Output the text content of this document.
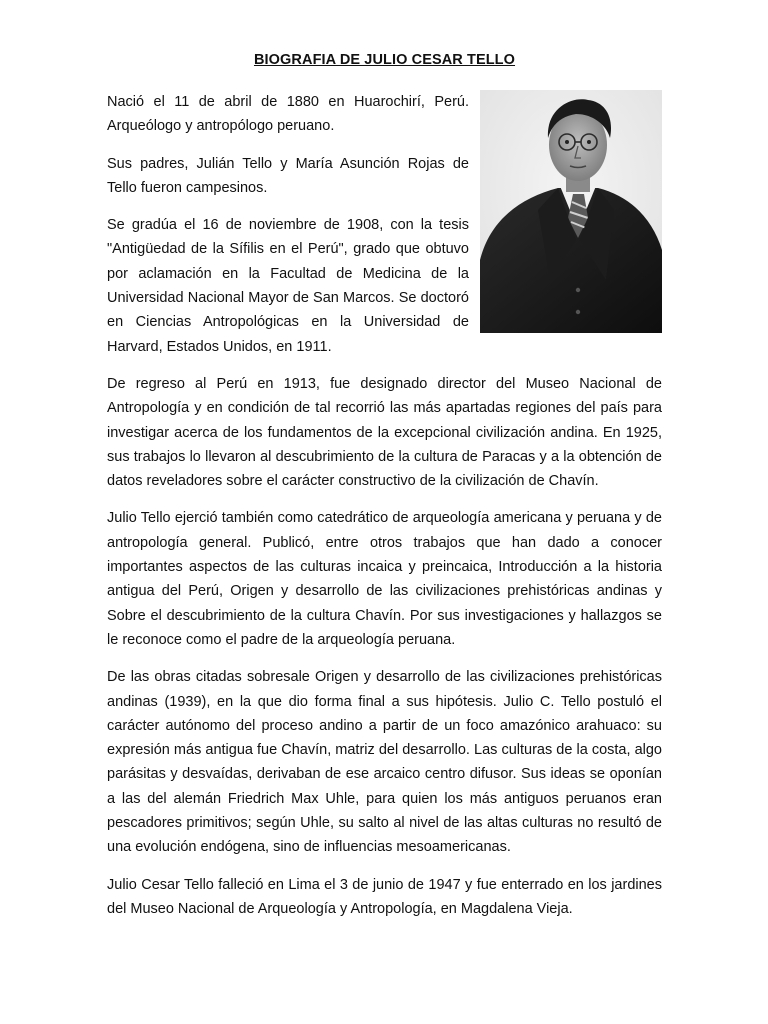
BIOGRAFIA DE JULIO CESAR TELLO

Nació el 11 de abril de 1880 en Huarochirí, Perú. Arqueólogo y antropólogo peruano.

Sus padres, Julián Tello y María Asunción Rojas de Tello fueron campesinos.

Se gradúa el 16 de noviembre de 1908, con la tesis "Antigüedad de la Sífilis en el Perú", grado que obtuvo por aclamación en la Facultad de Medicina de la Universidad Nacional Mayor de San Marcos. Se doctoró en Ciencias Antropológicas en la Universidad de Harvard, Estados Unidos, en 1911.

De regreso al Perú en 1913, fue designado director del Museo Nacional de Antropología y en condición de tal recorrió las más apartadas regiones del país para investigar acerca de los fundamentos de la excepcional civilización andina. En 1925, sus trabajos lo llevaron al descubrimiento de la cultura de Paracas y a la obtención de datos reveladores sobre el carácter constructivo de la civilización de Chavín.

Julio Tello ejerció también como catedrático de arqueología americana y peruana y de antropología general. Publicó, entre otros trabajos que han dado a conocer importantes aspectos de las culturas incaica y preincaica, Introducción a la historia antigua del Perú, Origen y desarrollo de las civilizaciones prehistóricas andinas y Sobre el descubrimiento de la cultura Chavín. Por sus investigaciones y hallazgos se le reconoce como el padre de la arqueología peruana.

De las obras citadas sobresale Origen y desarrollo de las civilizaciones prehistóricas andinas (1939), en la que dio forma final a sus hipótesis. Julio C. Tello postuló el carácter autónomo del proceso andino a partir de un foco amazónico arahuaco: su expresión más antigua fue Chavín, matriz del desarrollo. Las culturas de la costa, algo parásitas y desvaídas, derivaban de ese arcaico centro difusor. Sus ideas se oponían a las del alemán Friedrich Max Uhle, para quien los más antiguos peruanos eran pescadores primitivos; según Uhle, su salto al nivel de las altas culturas no resultó de una evolución endógena, sino de influencias mesoamericanas.

Julio Cesar Tello falleció en Lima el 3 de junio de 1947 y fue enterrado en los jardines del Museo Nacional de Arqueología y Antropología, en Magdalena Vieja.
